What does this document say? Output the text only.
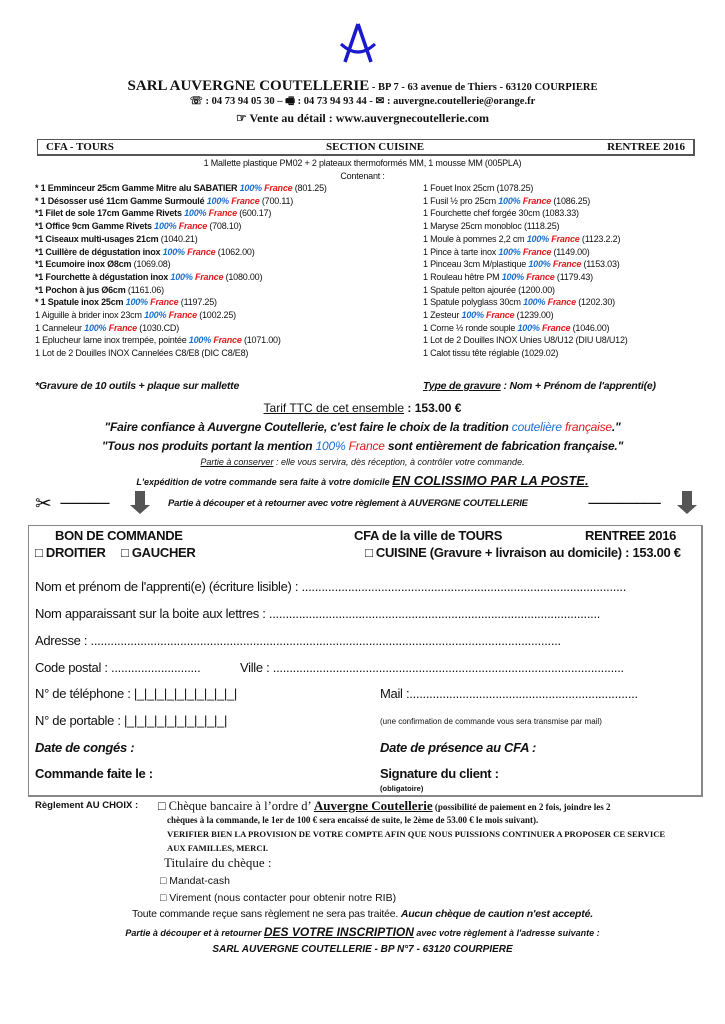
SARL AUVERGNE COUTELLERIE - BP 7 - 63 avenue de Thiers - 63120 COURPIERE
☏ : 04 73 94 05 30 – 🖷 : 04 73 94 93 44 - ✉ : auvergne.coutellerie@orange.fr
☞ Vente au détail : www.auvergnecoutellerie.com
CFA - TOURS	SECTION CUISINE	RENTREE 2016
1 Mallette plastique PM02 + 2 plateaux thermoformés MM, 1 mousse MM (005PLA)
Contenant :
* 1 Emminceur 25cm Gamme Mitre alu SABATIER 100% France (801.25)
* 1 Désosser usé 11cm Gamme Surmoulé 100% France (700.11)
*1 Filet de sole 17cm Gamme Rivets 100% France (600.17)
*1 Office 9cm Gamme Rivets 100% France (708.10)
*1 Ciseaux multi-usages 21cm (1040.21)
*1 Cuillère de dégustation inox 100% France (1062.00)
*1 Ecumoire inox Ø8cm (1069.08)
*1 Fourchette à dégustation inox 100% France (1080.00)
*1 Pochon à jus Ø6cm (1161.06)
* 1 Spatule inox 25cm 100% France (1197.25)
1 Aiguille à brider inox 23cm 100% France (1002.25)
1 Canneleur 100% France (1030.CD)
1 Eplucheur lame inox trempée, pointée 100% France (1071.00)
1 Lot de 2 Douilles INOX Cannelées C8/E8 (DIC C8/E8)
1 Fouet Inox 25cm (1078.25)
1 Fusil ½ pro 25cm 100% France (1086.25)
1 Fourchette chef forgée 30cm (1083.33)
1 Maryse 25cm monobloc (1118.25)
1 Moule à pommes 2,2 cm 100% France (1123.2.2)
1 Pince à tarte inox 100% France (1149.00)
1 Pinceau 3cm M/plastique 100% France (1153.03)
1 Rouleau hêtre PM 100% France (1179.43)
1 Spatule pelton ajourée (1200.00)
1 Spatule polyglass 30cm 100% France (1202.30)
1 Zesteur 100% France (1239.00)
1 Corne ½ ronde souple 100% France (1046.00)
1 Lot de 2 Douilles INOX Unies U8/U12 (DIU U8/U12)
1 Calot tissu tête réglable (1029.02)
*Gravure de 10 outils + plaque sur mallette	Type de gravure : Nom + Prénom de l'apprenti(e)
Tarif TTC de cet ensemble : 153.00 €
"Faire confiance à Auvergne Coutellerie, c'est faire le choix de la tradition coutelière française."
"Tous nos produits portant la mention 100% France sont entièrement de fabrication française."
Partie à conserver : elle vous servira, dès réception, à contrôler votre commande.
L'expédition de votre commande sera faite à votre domicile EN COLISSIMO PAR LA POSTE.
✂ ---------------------	Partie à découper et à retourner avec votre règlement à AUVERGNE COUTELLERIE	-------------------------------
BON DE COMMANDE	CFA de la ville de TOURS	RENTREE 2016
□ DROITIER □ GAUCHER	□ CUISINE (Gravure + livraison au domicile) : 153.00 €
Nom et prénom de l'apprenti(e) (écriture lisible) : ..................................................................................................
Nom apparaissant sur la boite aux lettres : ....................................................................................................
Adresse : ..............................................................................................................................................
Code postal : ...........................	Ville : ..........................................................................................................
N° de téléphone : |_|_|_|_|_|_|_|_|_|_|	Mail :.....................................................................
N° de portable : |_|_|_|_|_|_|_|_|_|_|	(une confirmation de commande vous sera transmise par mail)
Date de congés :	Date de présence au CFA :
Commande faite le :	Signature du client :
(obligatoire)
Règlement AU CHOIX : □ Chèque bancaire à l’ordre d’ Auvergne Coutellerie (possibilité de paiement en 2 fois, joindre les 2
chèques à la commande, le 1er de 100 € sera encaissé de suite, le 2ème de 53.00 € le mois suivant).
VERIFIER BIEN LA PROVISION DE VOTRE COMPTE AFIN QUE NOUS PUISSIONS CONTINUER A PROPOSER CE SERVICE
AUX FAMILLES, MERCI.
Titulaire du chèque :
□ Mandat-cash
□ Virement (nous contacter pour obtenir notre RIB)
Toute commande reçue sans règlement ne sera pas traitée. Aucun chèque de caution n'est accepté.
Partie à découper et à retourner DES VOTRE INSCRIPTION avec votre règlement à l'adresse suivante :
SARL AUVERGNE COUTELLERIE - BP N°7 - 63120 COURPIERE
